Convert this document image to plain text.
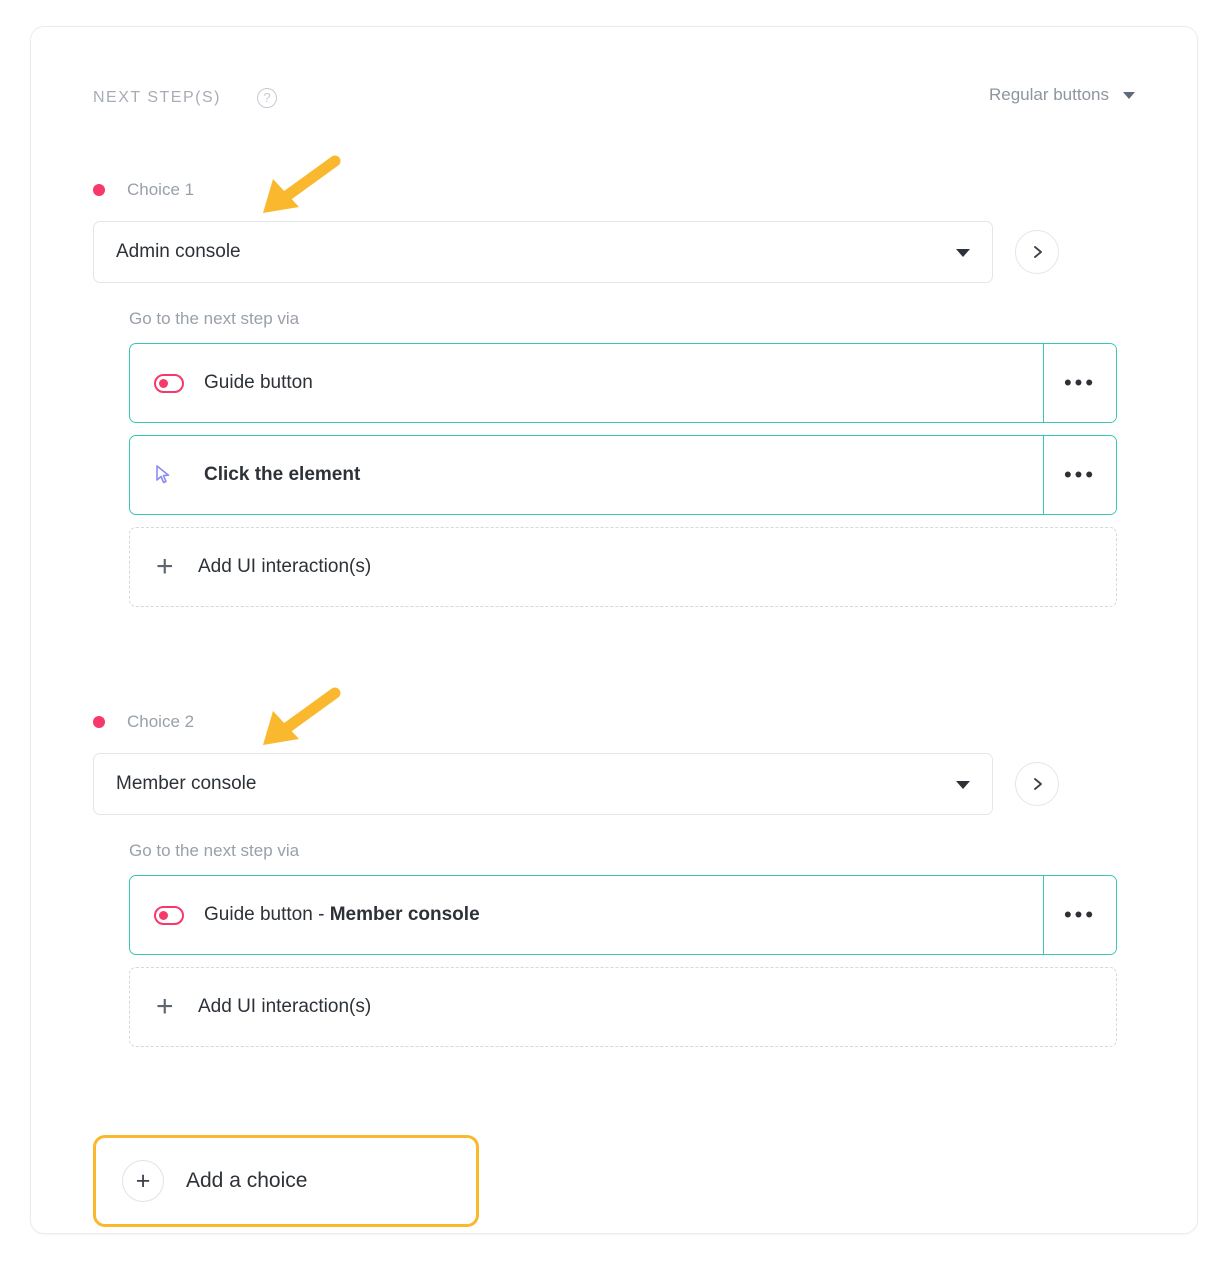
NEXT STEP(S)	?	Regular buttons
Choice 1
Admin console
Go to the next step via
Guide button	•••
Click the element	•••
+	Add UI interaction(s)
Choice 2
Member console
Go to the next step via
Guide button - Member console	•••
+	Add UI interaction(s)
+	Add a choice
